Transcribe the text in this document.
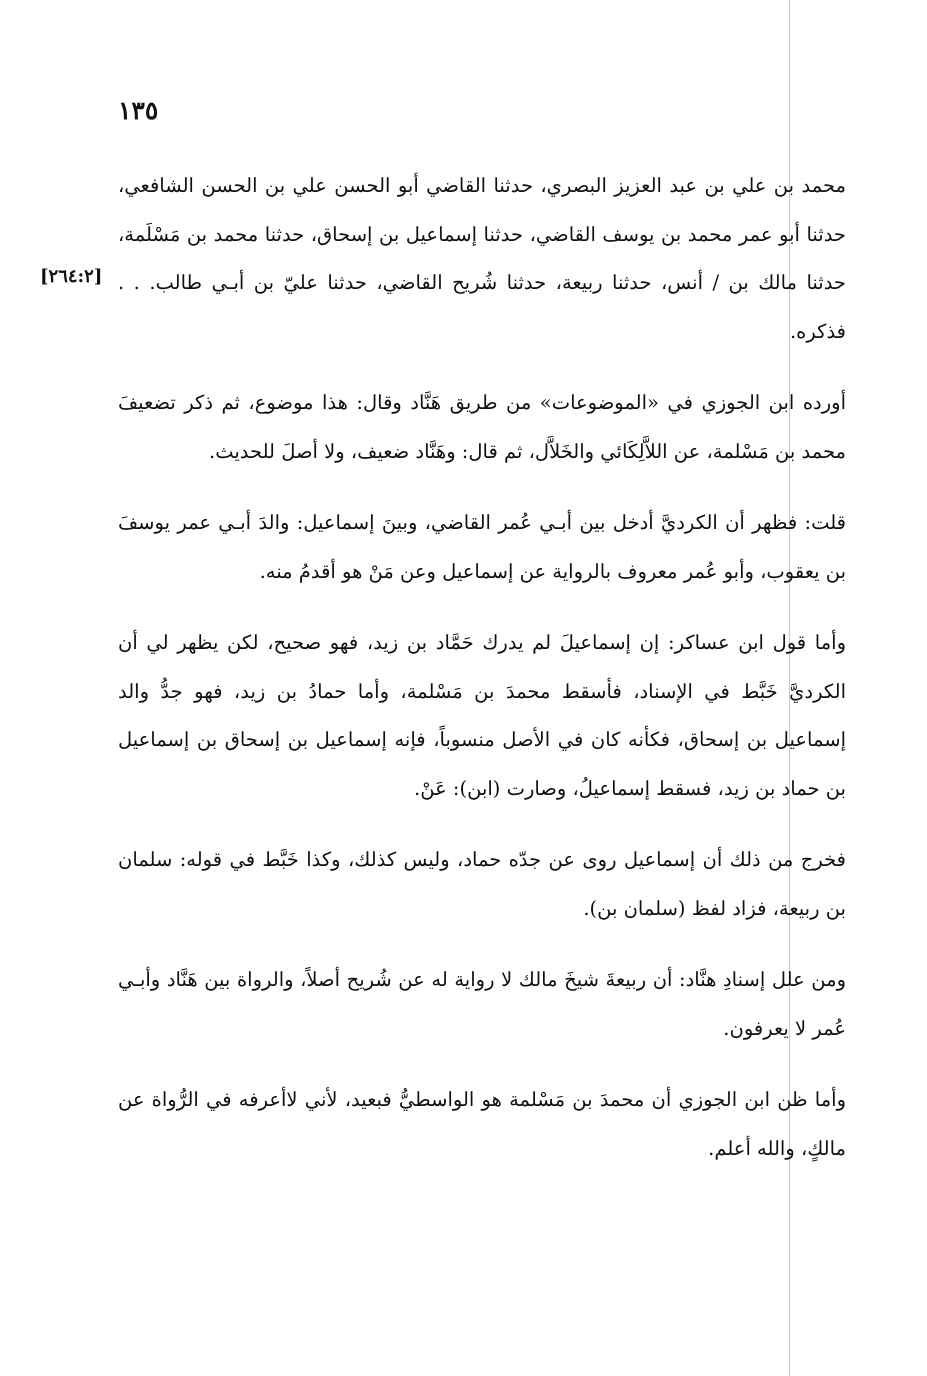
١٣٥
[٢٦٤:٢]

محمد بن علي بن عبد العزيز البصري، حدثنا القاضي أبو الحسن علي بن الحسن الشافعي، حدثنا أبو عمر محمد بن يوسف القاضي، حدثنا إسماعيل بن إسحاق، حدثنا محمد بن مَسْلَمة، حدثنا مالك بن / أنس، حدثنا ربيعة، حدثنا شُريح القاضي، حدثنا عليّ بن أبـي طالب. . . فذكره.

أورده ابن الجوزي في «الموضوعات» من طريق هَنَّاد وقال: هذا موضوع، ثم ذكر تضعيفَ محمد بن مَسْلمة، عن اللاَّلِكَائي والخَلاَّل، ثم قال: وهَنَّاد ضعيف، ولا أصلَ للحديث.

قلت: فظهر أن الكرديَّ أدخل بين أبـي عُمر القاضي، وبينَ إسماعيل: والدَ أبـي عمر يوسفَ بن يعقوب، وأبو عُمر معروف بالرواية عن إسماعيل وعن مَنْ هو أقدمُ منه.

وأما قول ابن عساكر: إن إسماعيلَ لم يدرك حَمَّاد بن زيد، فهو صحيح، لكن يظهر لي أن الكرديَّ خَبَّط في الإسناد، فأسقط محمدَ بن مَسْلمة، وأما حمادُ بن زيد، فهو جدُّ والد إسماعيل بن إسحاق، فكأنه كان في الأصل منسوباً، فإنه إسماعيل بن إسحاق بن إسماعيل بن حماد بن زيد، فسقط إسماعيلُ، وصارت (ابن): عَنْ.

فخرج من ذلك أن إسماعيل روى عن جدّه حماد، وليس كذلك، وكذا خَبَّط في قوله: سلمان بن ربيعة، فزاد لفظ (سلمان بن).

ومن علل إسنادِ هنَّاد: أن ربيعةَ شيخَ مالك لا رواية له عن شُريح أصلاً، والرواة بين هَنَّاد وأبـي عُمر لا يعرفون.

وأما ظن ابن الجوزي أن محمدَ بن مَسْلمة هو الواسطيُّ فبعيد، لأني لاأعرفه في الرُّواة عن مالكٍ، والله أعلم.
